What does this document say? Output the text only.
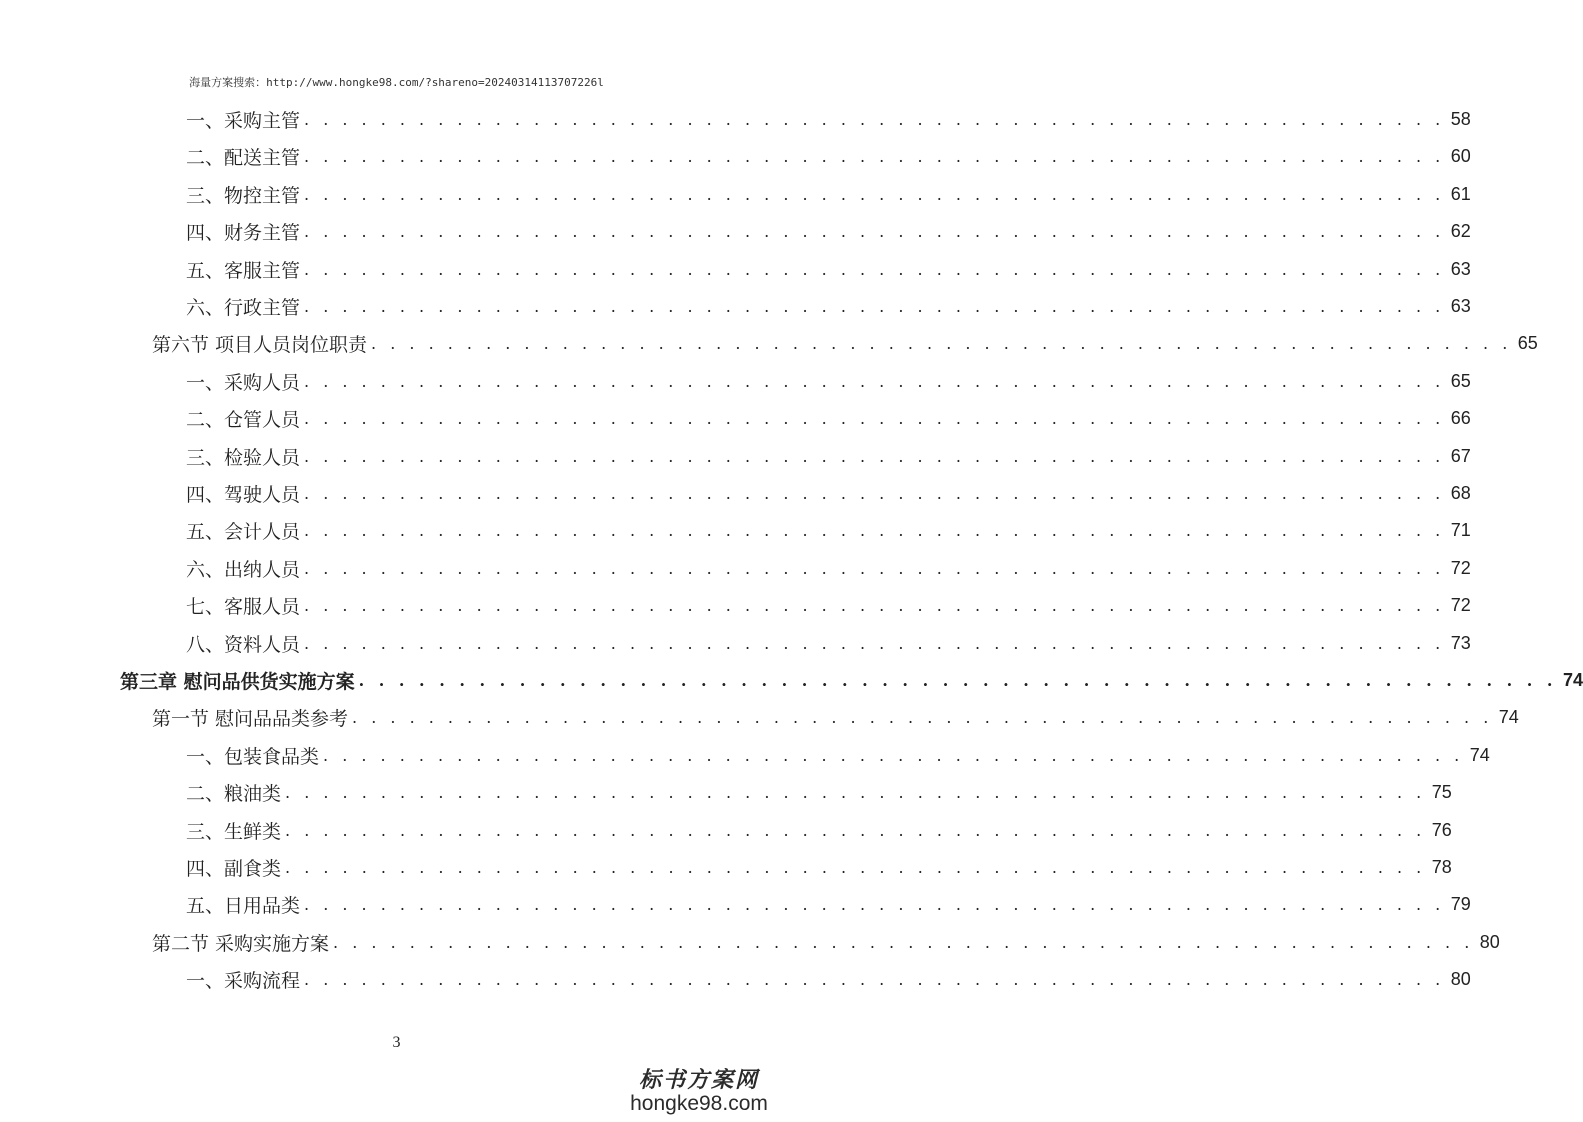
海量方案搜索：http://www.hongke98.com/?shareno=20240314113707226l
一、采购主管 . . . . . . . . . . . . . . . . . . . . . . . . . . . . . . . . . . . . . . . . . . . . . . . . . . . . . . . . . . . . 58
二、配送主管 . . . . . . . . . . . . . . . . . . . . . . . . . . . . . . . . . . . . . . . . . . . . . . . . . . . . . . . . . . . . 60
三、物控主管 . . . . . . . . . . . . . . . . . . . . . . . . . . . . . . . . . . . . . . . . . . . . . . . . . . . . . . . . . . . . 61
四、财务主管 . . . . . . . . . . . . . . . . . . . . . . . . . . . . . . . . . . . . . . . . . . . . . . . . . . . . . . . . . . . . 62
五、客服主管 . . . . . . . . . . . . . . . . . . . . . . . . . . . . . . . . . . . . . . . . . . . . . . . . . . . . . . . . . . . . 63
六、行政主管 . . . . . . . . . . . . . . . . . . . . . . . . . . . . . . . . . . . . . . . . . . . . . . . . . . . . . . . . . . . . 63
第六节 项目人员岗位职责 . . . . . . . . . . . . . . . . . . . . . . . . . . . . . . . . . . . . . . . . . . . . . . . . . . . . . . . . . . . . 65
一、采购人员 . . . . . . . . . . . . . . . . . . . . . . . . . . . . . . . . . . . . . . . . . . . . . . . . . . . . . . . . . . . . 65
二、仓管人员 . . . . . . . . . . . . . . . . . . . . . . . . . . . . . . . . . . . . . . . . . . . . . . . . . . . . . . . . . . . . 66
三、检验人员 . . . . . . . . . . . . . . . . . . . . . . . . . . . . . . . . . . . . . . . . . . . . . . . . . . . . . . . . . . . . 67
四、驾驶人员 . . . . . . . . . . . . . . . . . . . . . . . . . . . . . . . . . . . . . . . . . . . . . . . . . . . . . . . . . . . . 68
五、会计人员 . . . . . . . . . . . . . . . . . . . . . . . . . . . . . . . . . . . . . . . . . . . . . . . . . . . . . . . . . . . . 71
六、出纳人员 . . . . . . . . . . . . . . . . . . . . . . . . . . . . . . . . . . . . . . . . . . . . . . . . . . . . . . . . . . . . 72
七、客服人员 . . . . . . . . . . . . . . . . . . . . . . . . . . . . . . . . . . . . . . . . . . . . . . . . . . . . . . . . . . . . 72
八、资料人员 . . . . . . . . . . . . . . . . . . . . . . . . . . . . . . . . . . . . . . . . . . . . . . . . . . . . . . . . . . . . 73
第三章 慰问品供货实施方案 . . . . . . . . . . . . . . . . . . . . . . . . . . . . . . . . . . . . . . . . . . . . . . . . . . . . . . . . . . . . 74
第一节 慰问品品类参考 . . . . . . . . . . . . . . . . . . . . . . . . . . . . . . . . . . . . . . . . . . . . . . . . . . . . . . . . . . . . 74
一、包装食品类 . . . . . . . . . . . . . . . . . . . . . . . . . . . . . . . . . . . . . . . . . . . . . . . . . . . . . . . . . . . . 74
二、粮油类 . . . . . . . . . . . . . . . . . . . . . . . . . . . . . . . . . . . . . . . . . . . . . . . . . . . . . . . . . . . . 75
三、生鲜类 . . . . . . . . . . . . . . . . . . . . . . . . . . . . . . . . . . . . . . . . . . . . . . . . . . . . . . . . . . . . 76
四、副食类 . . . . . . . . . . . . . . . . . . . . . . . . . . . . . . . . . . . . . . . . . . . . . . . . . . . . . . . . . . . . 78
五、日用品类 . . . . . . . . . . . . . . . . . . . . . . . . . . . . . . . . . . . . . . . . . . . . . . . . . . . . . . . . . . . . 79
第二节 采购实施方案 . . . . . . . . . . . . . . . . . . . . . . . . . . . . . . . . . . . . . . . . . . . . . . . . . . . . . . . . . . . . 80
一、采购流程 . . . . . . . . . . . . . . . . . . . . . . . . . . . . . . . . . . . . . . . . . . . . . . . . . . . . . . . . . . . . 80
3
标书方案网
hongke98.com
